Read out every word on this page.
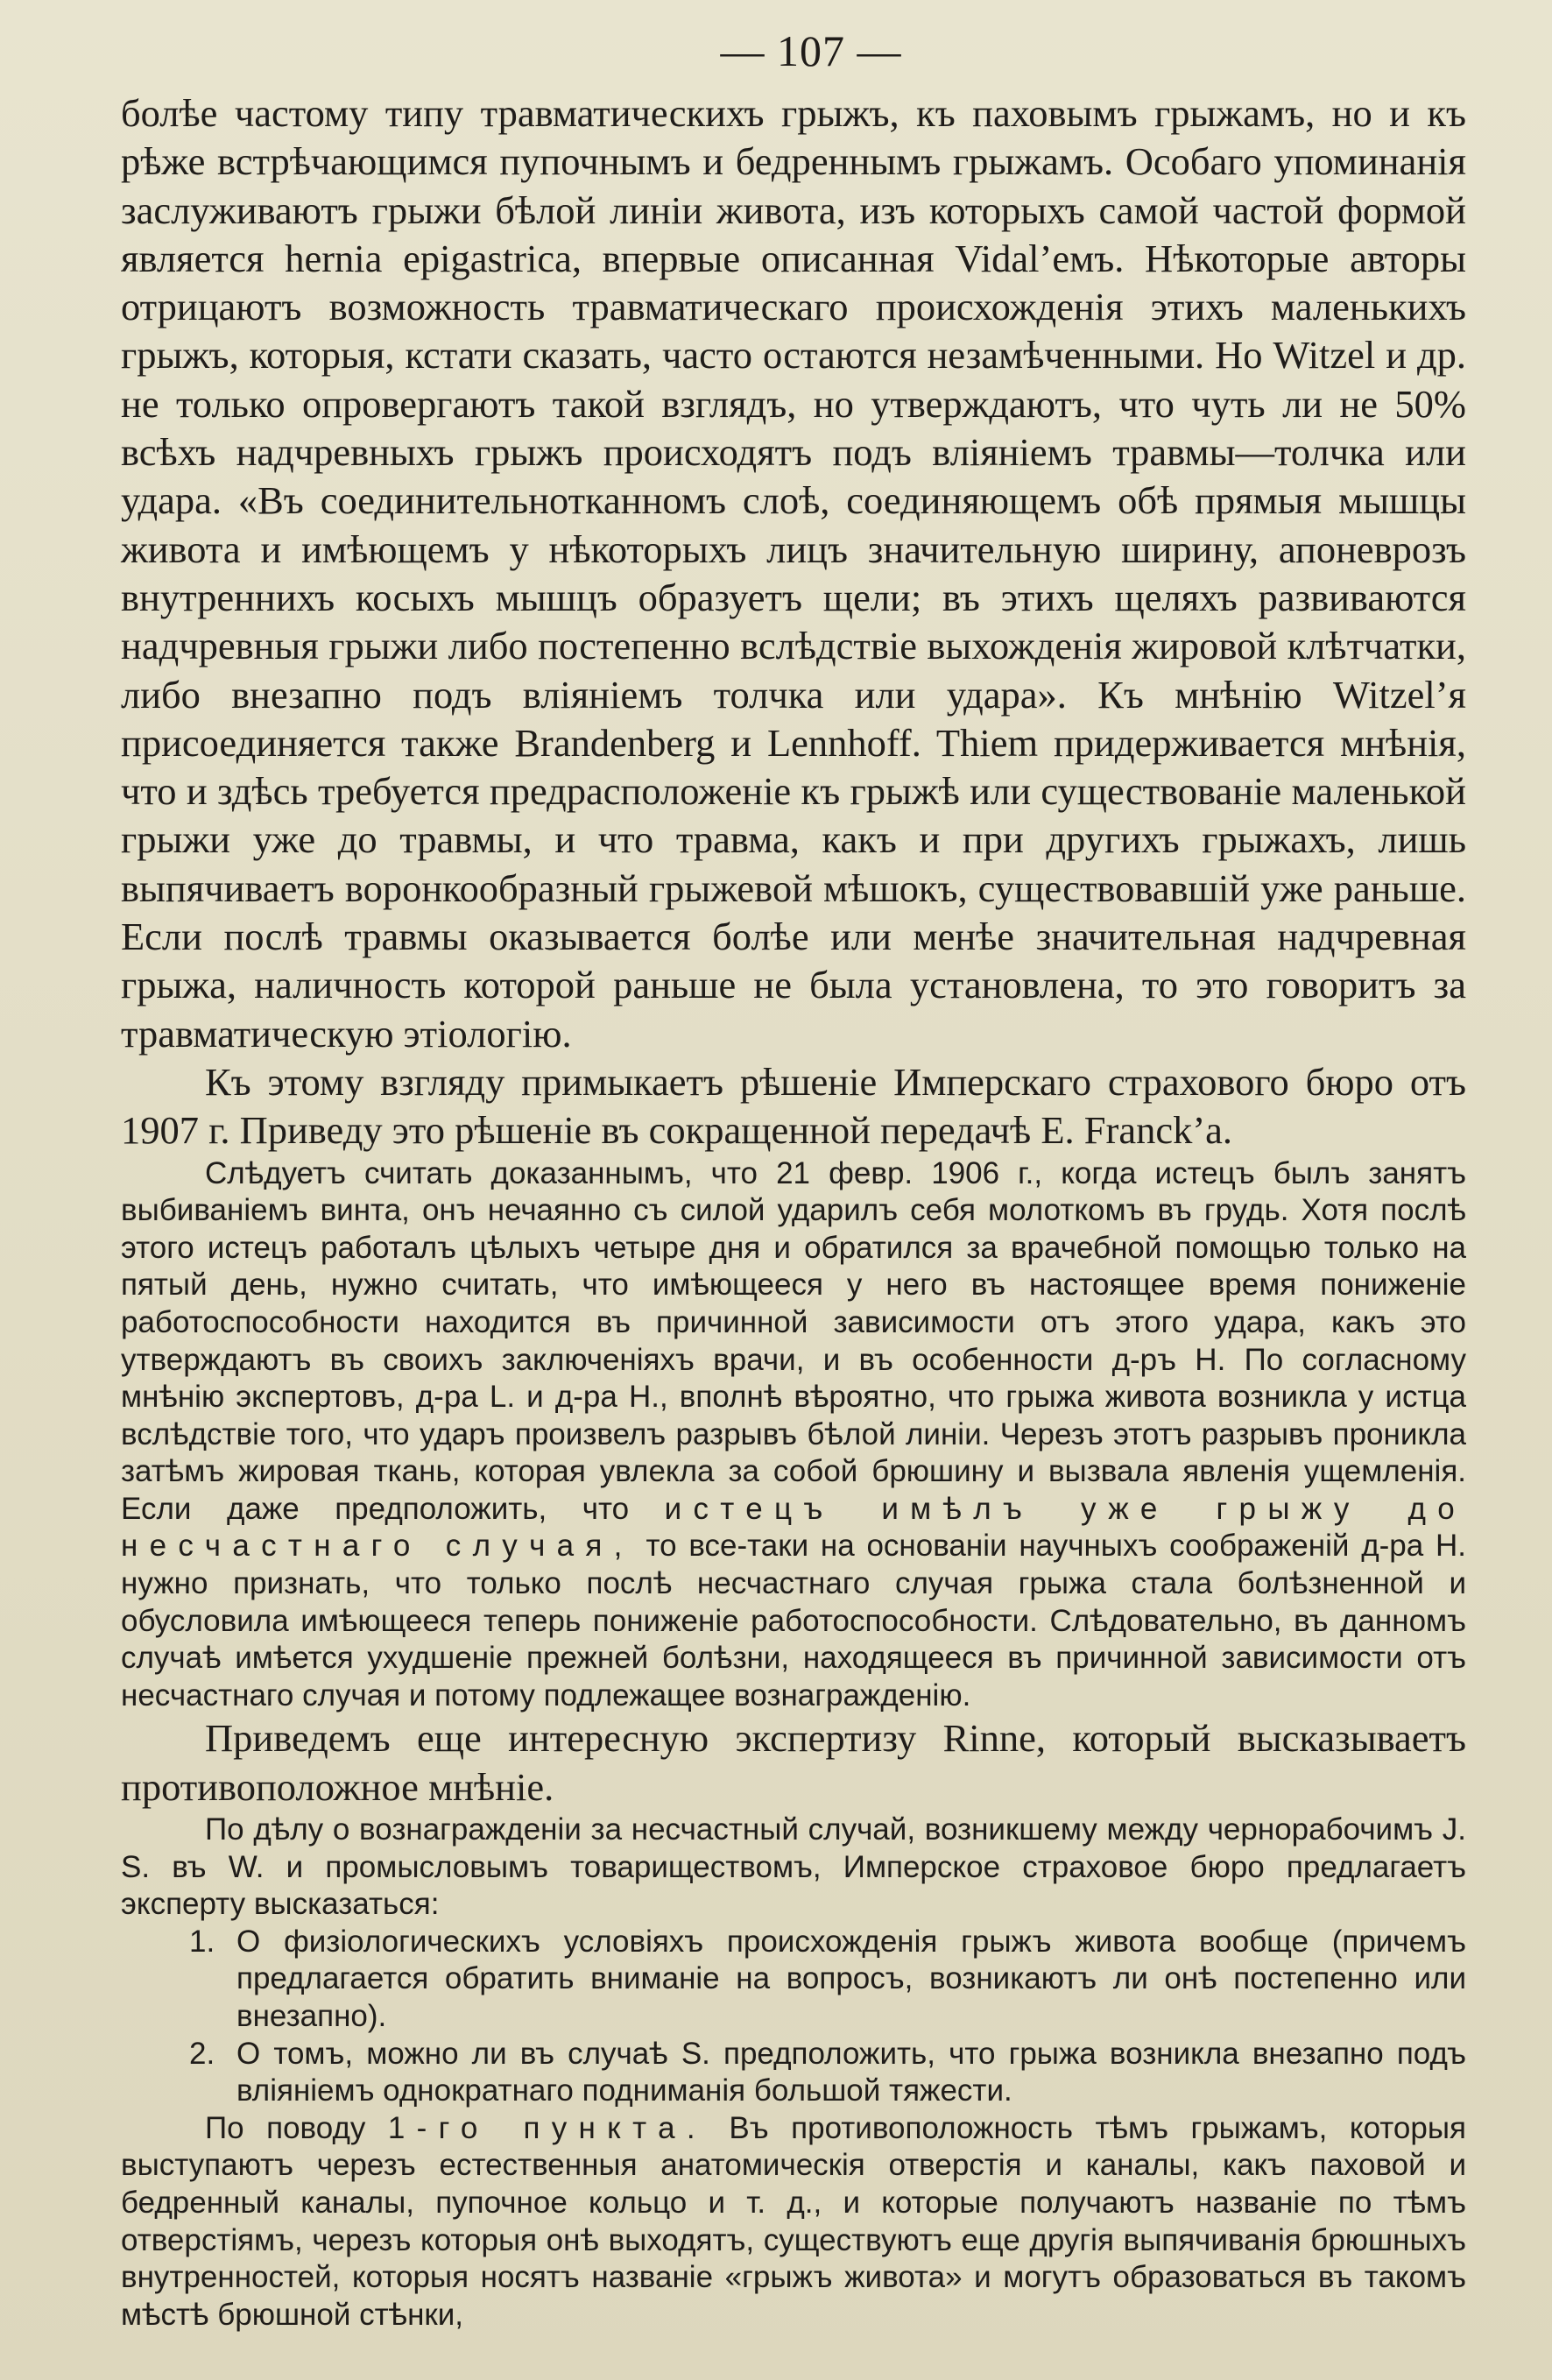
— 107 —

болѣе частому типу травматическихъ грыжъ, къ паховымъ грыжамъ, но и къ рѣже встрѣчающимся пупочнымъ и бедреннымъ грыжамъ. Особаго упоминанія заслуживаютъ грыжи бѣлой линіи живота, изъ которыхъ самой частой формой является hernia epigastrica, впервые описанная Vidal’емъ. Нѣкоторые авторы отрицаютъ возможность травматическаго происхожденія этихъ маленькихъ грыжъ, которыя, кстати сказать, часто остаются незамѣченными. Но Witzel и др. не только опровергаютъ такой взглядъ, но утверждаютъ, что чуть ли не 50% всѣхъ надчревныхъ грыжъ происходятъ подъ вліяніемъ травмы—толчка или удара. «Въ соединительнотканномъ слоѣ, соединяющемъ обѣ прямыя мышцы живота и имѣющемъ у нѣкоторыхъ лицъ значительную ширину, апоневрозъ внутреннихъ косыхъ мышцъ образуетъ щели; въ этихъ щеляхъ развиваются надчревныя грыжи либо постепенно вслѣдствіе выхожденія жировой клѣтчатки, либо внезапно подъ вліяніемъ толчка или удара». Къ мнѣнію Witzel’я присоединяется также Brandenberg и Lennhoff. Thiem придерживается мнѣнія, что и здѣсь требуется предрасположеніе къ грыжѣ или существованіе маленькой грыжи уже до травмы, и что травма, какъ и при другихъ грыжахъ, лишь выпячиваетъ воронкообразный грыжевой мѣшокъ, существовавшій уже раньше. Если послѣ травмы оказывается болѣе или менѣе значительная надчревная грыжа, наличность которой раньше не была установлена, то это говоритъ за травматическую этіологію.

Къ этому взгляду примыкаетъ рѣшеніе Имперскаго страхового бюро отъ 1907 г. Приведу это рѣшеніе въ сокращенной передачѣ E. Franck’a.

Слѣдуетъ считать доказаннымъ, что 21 февр. 1906 г., когда истецъ былъ занятъ выбиваніемъ винта, онъ нечаянно съ силой ударилъ себя молоткомъ въ грудь. Хотя послѣ этого истецъ работалъ цѣлыхъ четыре дня и обратился за врачебной помощью только на пятый день, нужно считать, что имѣющееся у него въ настоящее время пониженіе работоспособности находится въ причинной зависимости отъ этого удара, какъ это утверждаютъ въ своихъ заключеніяхъ врачи, и въ особенности д-ръ Н. По согласному мнѣнію экспертовъ, д-ра L. и д-ра Н., вполнѣ вѣроятно, что грыжа живота возникла у истца вслѣдствіе того, что ударъ произвелъ разрывъ бѣлой линіи. Черезъ этотъ разрывъ проникла затѣмъ жировая ткань, которая увлекла за собой брюшину и вызвала явленія ущемленія. Если даже предположить, что истецъ имѣлъ уже грыжу до несчастнаго случая, то все-таки на основаніи научныхъ соображеній д-ра Н. нужно признать, что только послѣ несчастнаго случая грыжа стала болѣзненной и обусловила имѣющееся теперь пониженіе работоспособности. Слѣдовательно, въ данномъ случаѣ имѣется ухудшеніе прежней болѣзни, находящееся въ причинной зависимости отъ несчастнаго случая и потому подлежащее вознагражденію.

Приведемъ еще интересную экспертизу Rinne, который высказываетъ противоположное мнѣніе.

По дѣлу о вознагражденіи за несчастный случай, возникшему между чернорабочимъ J. S. въ W. и промысловымъ товариществомъ, Имперское страховое бюро предлагаетъ эксперту высказаться:

1. О физіологическихъ условіяхъ происхожденія грыжъ живота вообще (причемъ предлагается обратить вниманіе на вопросъ, возникаютъ ли онѣ постепенно или внезапно).
2. О томъ, можно ли въ случаѣ S. предположить, что грыжа возникла внезапно подъ вліяніемъ однократнаго подниманія большой тяжести.

По поводу 1-го пункта. Въ противоположность тѣмъ грыжамъ, которыя выступаютъ черезъ естественныя анатомическія отверстія и каналы, какъ паховой и бедренный каналы, пупочное кольцо и т. д., и которые получаютъ названіе по тѣмъ отверстіямъ, черезъ которыя онѣ выходятъ, существуютъ еще другія выпячиванія брюшныхъ внутренностей, которыя носятъ названіе «грыжъ живота» и могутъ образоваться въ такомъ мѣстѣ брюшной стѣнки,
